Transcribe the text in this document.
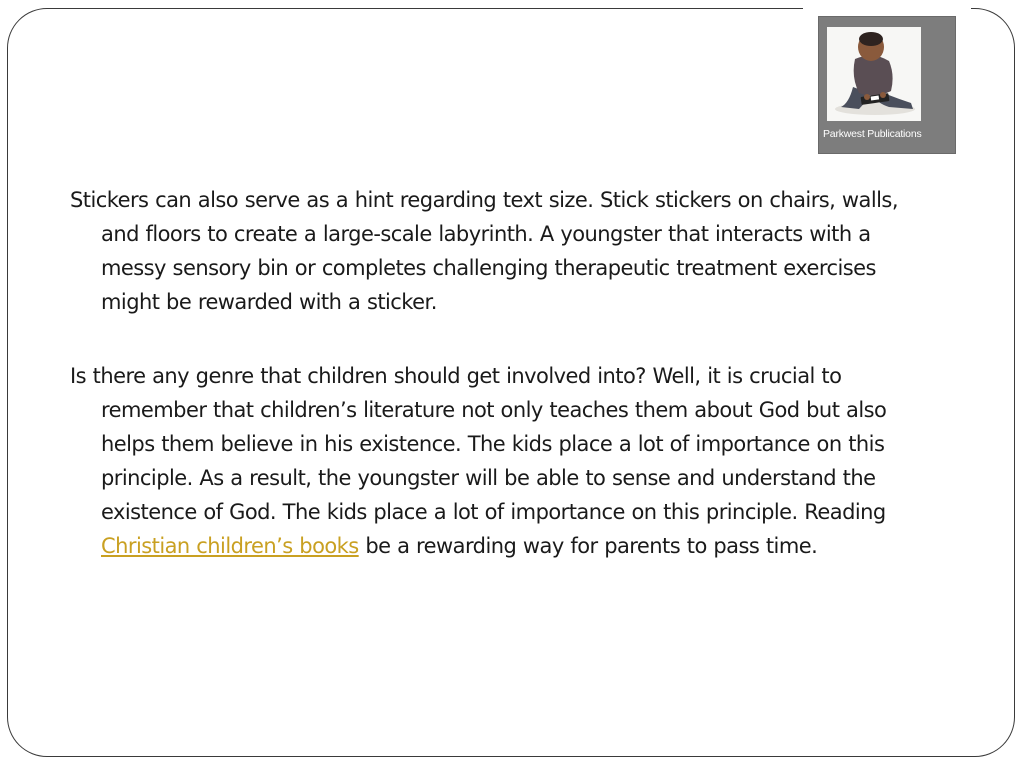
Parkwest Publications

Stickers can also serve as a hint regarding text size. Stick stickers on chairs, walls, and floors to create a large-scale labyrinth. A youngster that interacts with a messy sensory bin or completes challenging therapeutic treatment exercises might be rewarded with a sticker.

Is there any genre that children should get involved into? Well, it is crucial to remember that children’s literature not only teaches them about God but also helps them believe in his existence. The kids place a lot of importance on this principle. As a result, the youngster will be able to sense and understand the existence of God. The kids place a lot of importance on this principle. Reading Christian children’s books be a rewarding way for parents to pass time.
